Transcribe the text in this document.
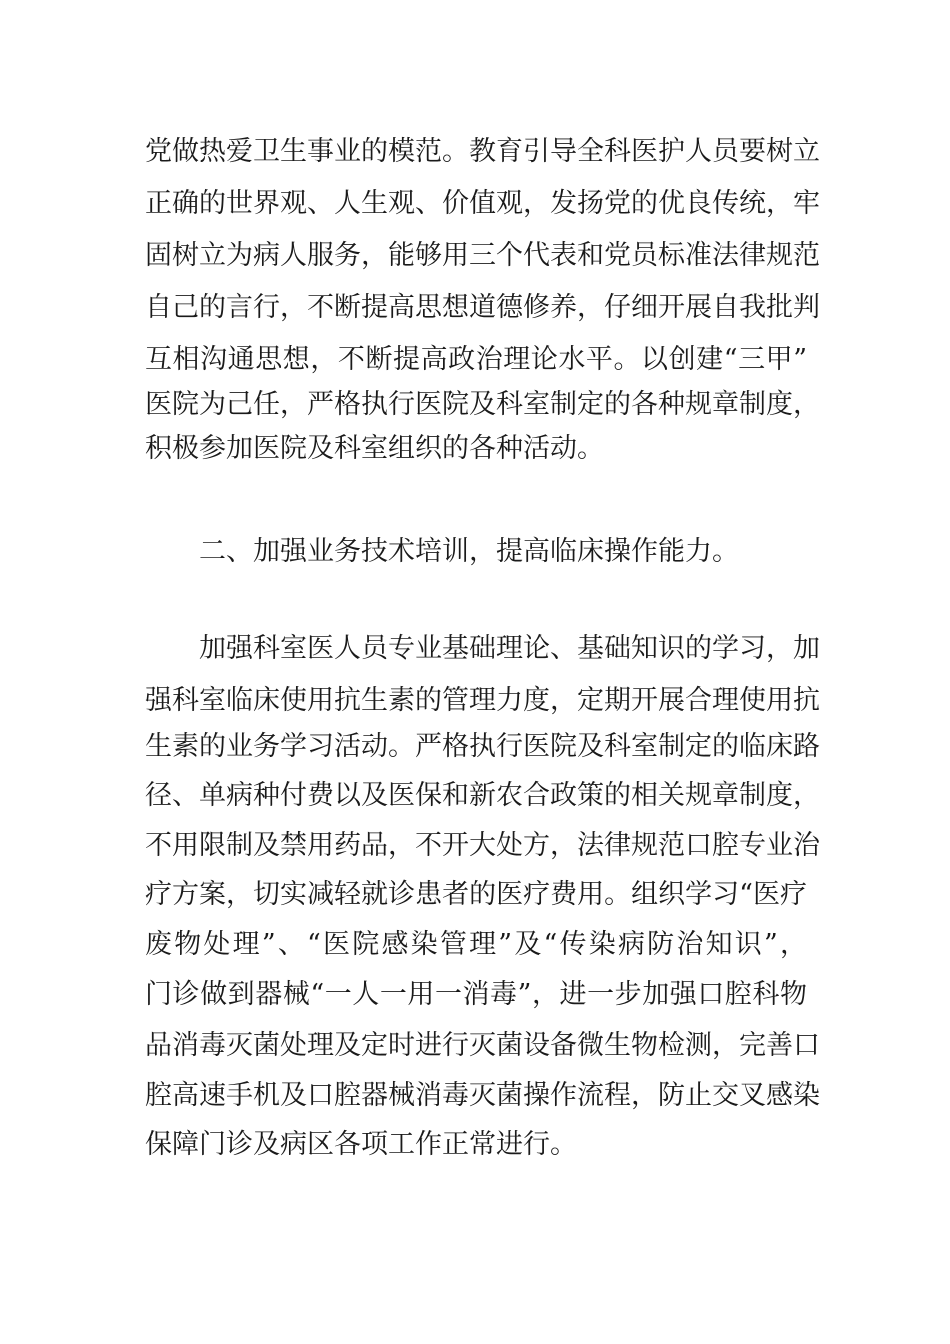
党做热爱卫生事业的模范。教育引导全科医护人员要树立
正确的世界观、人生观、价值观，发扬党的优良传统，牢
固树立为病人服务，能够用三个代表和党员标准法律规范
自己的言行，不断提高思想道德修养，仔细开展自我批判
互相沟通思想，不断提高政治理论水平。以创建“三甲”
医院为己任，严格执行医院及科室制定的各种规章制度，
积极参加医院及科室组织的各种活动。
二、加强业务技术培训，提高临床操作能力。
加强科室医人员专业基础理论、基础知识的学习，加
强科室临床使用抗生素的管理力度，定期开展合理使用抗
生素的业务学习活动。严格执行医院及科室制定的临床路
径、单病种付费以及医保和新农合政策的相关规章制度，
不用限制及禁用药品，不开大处方，法律规范口腔专业治
疗方案，切实减轻就诊患者的医疗费用。组织学习“医疗
废物处理”、“医院感染管理”及“传染病防治知识”，
门诊做到器械“一人一用一消毒”，进一步加强口腔科物
品消毒灭菌处理及定时进行灭菌设备微生物检测，完善口
腔高速手机及口腔器械消毒灭菌操作流程，防止交叉感染
保障门诊及病区各项工作正常进行。
